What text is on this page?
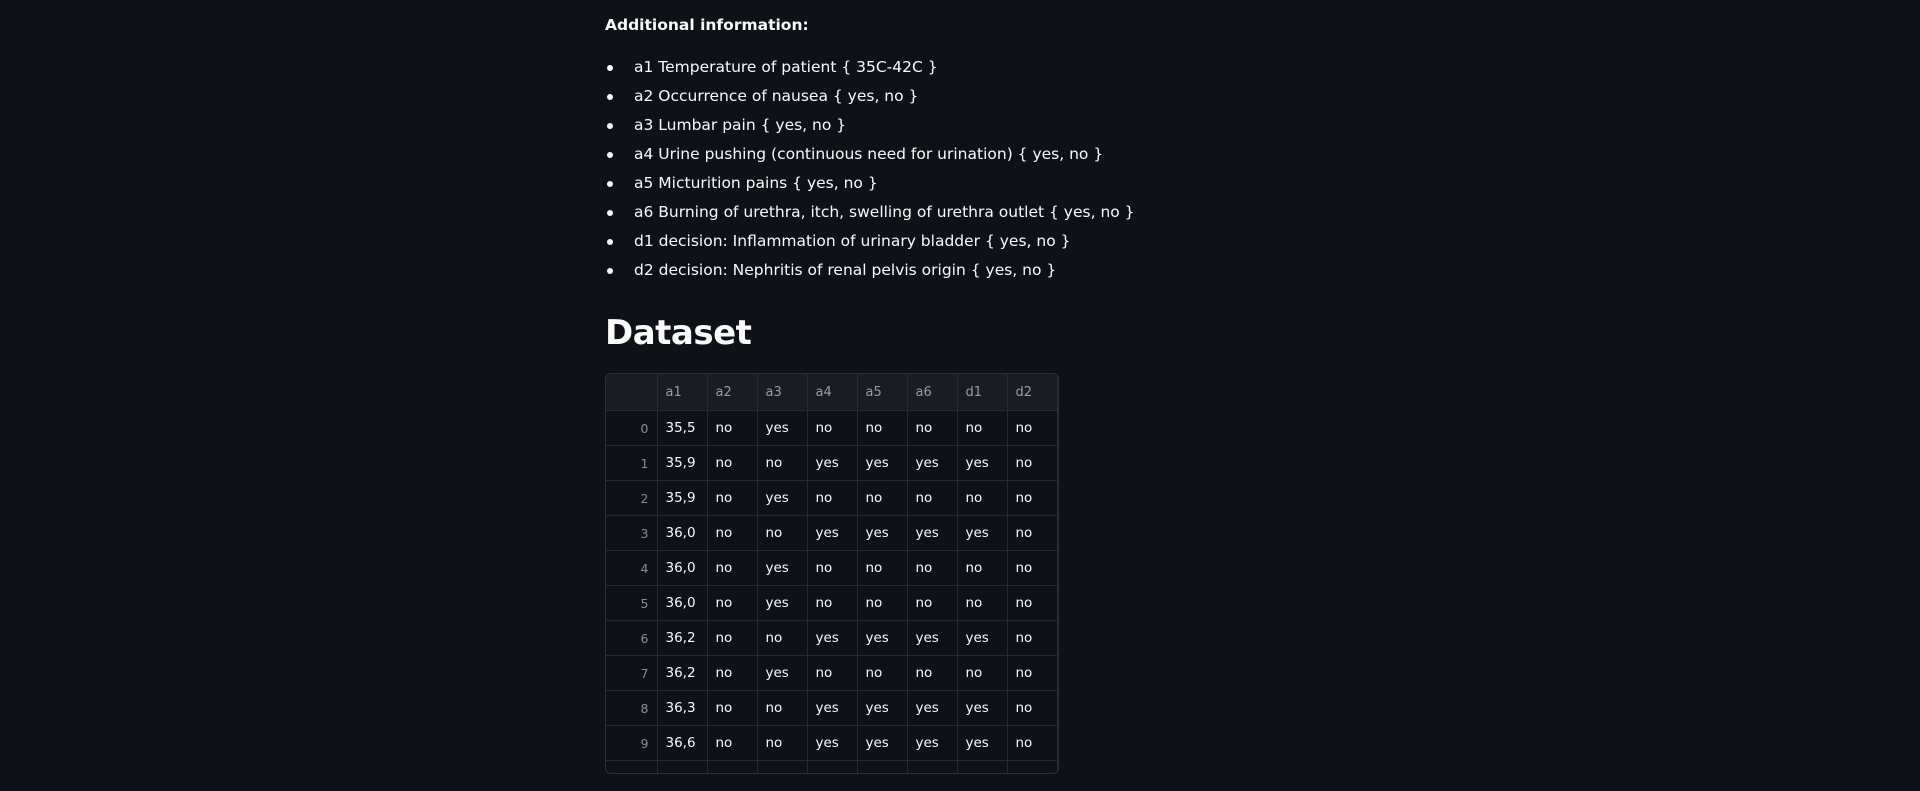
Additional information:
a1 Temperature of patient { 35C-42C }
a2 Occurrence of nausea { yes, no }
a3 Lumbar pain { yes, no }
a4 Urine pushing (continuous need for urination) { yes, no }
a5 Micturition pains { yes, no }
a6 Burning of urethra, itch, swelling of urethra outlet { yes, no }
d1 decision: Inflammation of urinary bladder { yes, no }
d2 decision: Nephritis of renal pelvis origin { yes, no }
Dataset
	a1	a2	a3	a4	a5	a6	d1	d2
0	35,5	no	yes	no	no	no	no	no
1	35,9	no	no	yes	yes	yes	yes	no
2	35,9	no	yes	no	no	no	no	no
3	36,0	no	no	yes	yes	yes	yes	no
4	36,0	no	yes	no	no	no	no	no
5	36,0	no	yes	no	no	no	no	no
6	36,2	no	no	yes	yes	yes	yes	no
7	36,2	no	yes	no	no	no	no	no
8	36,3	no	no	yes	yes	yes	yes	no
9	36,6	no	no	yes	yes	yes	yes	no
